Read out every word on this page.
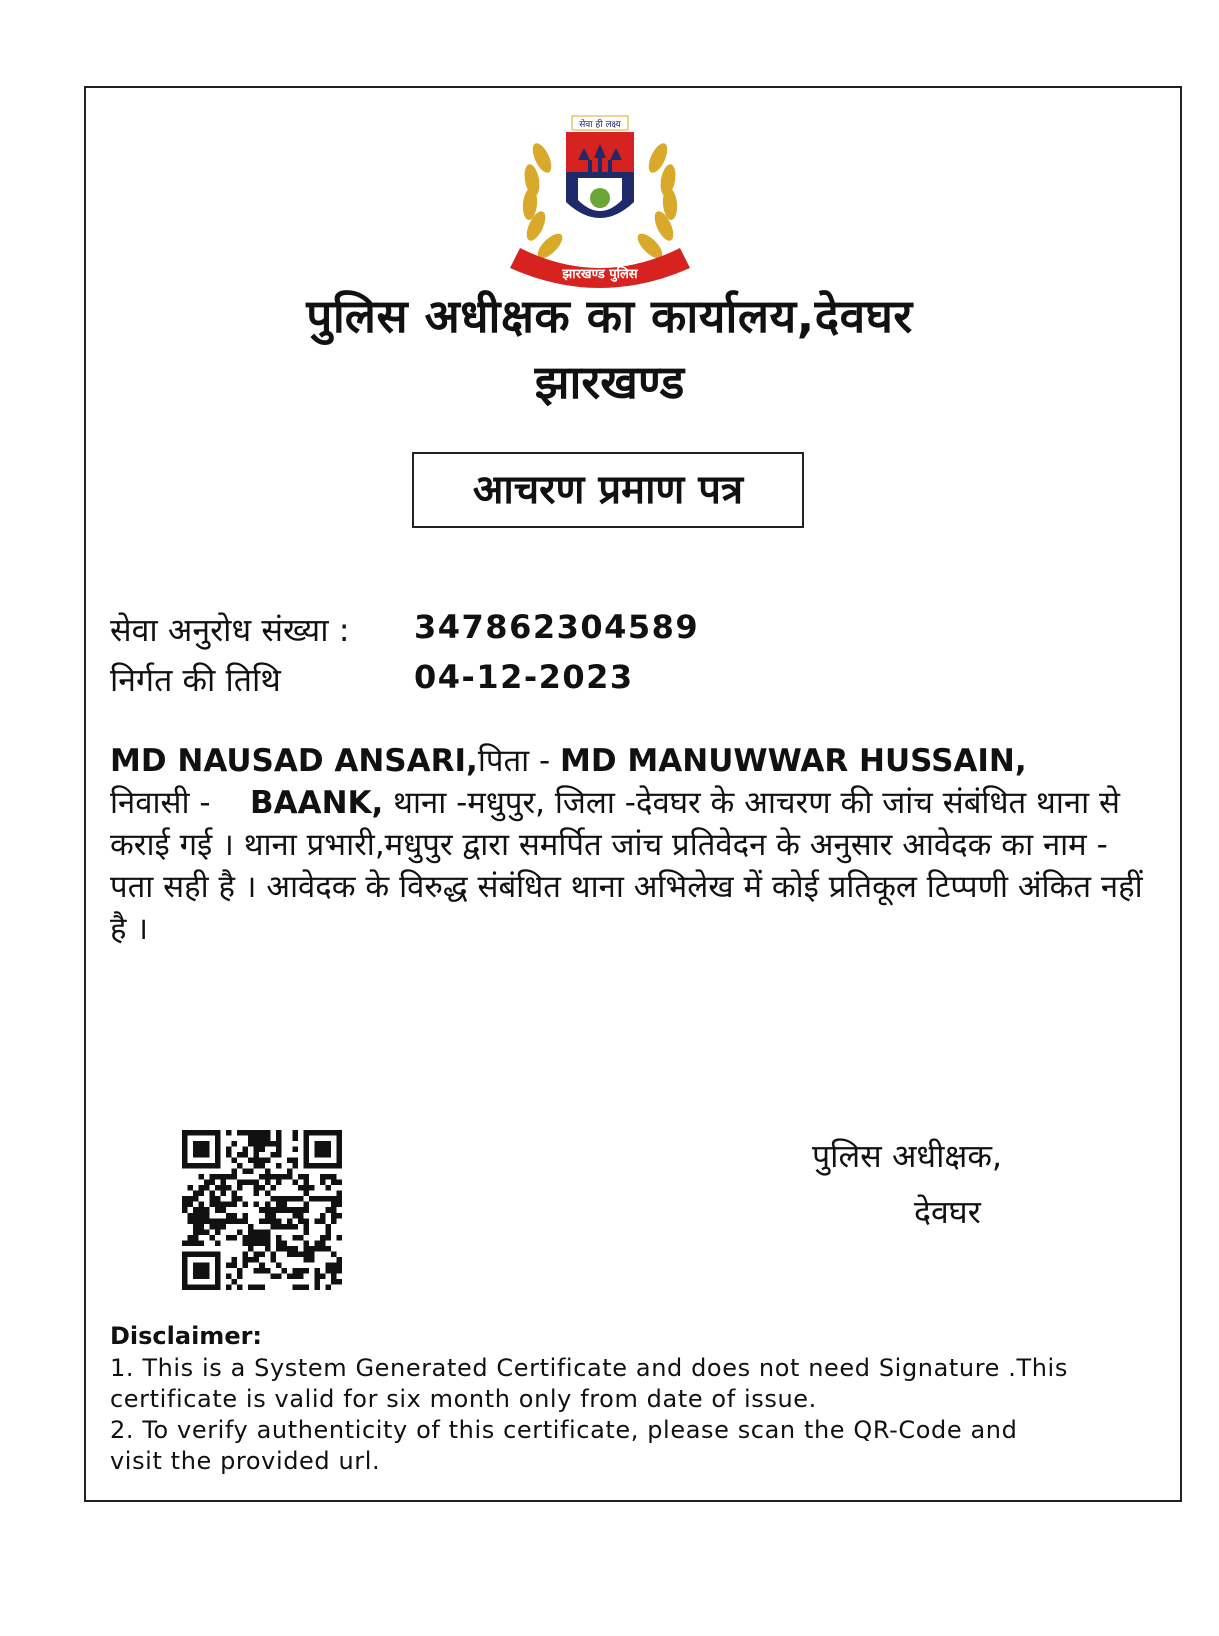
सेवा ही लक्ष्य
झारखण्ड पुलिस
पुलिस अधीक्षक का कार्यालय,देवघर
झारखण्ड
आचरण प्रमाण पत्र
सेवा अनुरोध संख्या : 347862304589
निर्गत की तिथि	04-12-2023
MD NAUSAD ANSARI,पिता - MD MANUWWAR HUSSAIN,
निवासी -    BAANK, थाना -मधुपुर, जिला -देवघर के आचरण की जांच संबंधित थाना से कराई गई । थाना प्रभारी,मधुपुर द्वारा समर्पित जांच प्रतिवेदन के अनुसार आवेदक का नाम - पता सही है । आवेदक के विरुद्ध संबंधित थाना अभिलेख में कोई प्रतिकूल टिप्पणी अंकित नहीं है ।
पुलिस अधीक्षक,
देवघर
Disclaimer:
1. This is a System Generated Certificate and does not need Signature .This
certificate is valid for six month only from date of issue.
2. To verify authenticity of this certificate, please scan the QR-Code and
visit the provided url.
